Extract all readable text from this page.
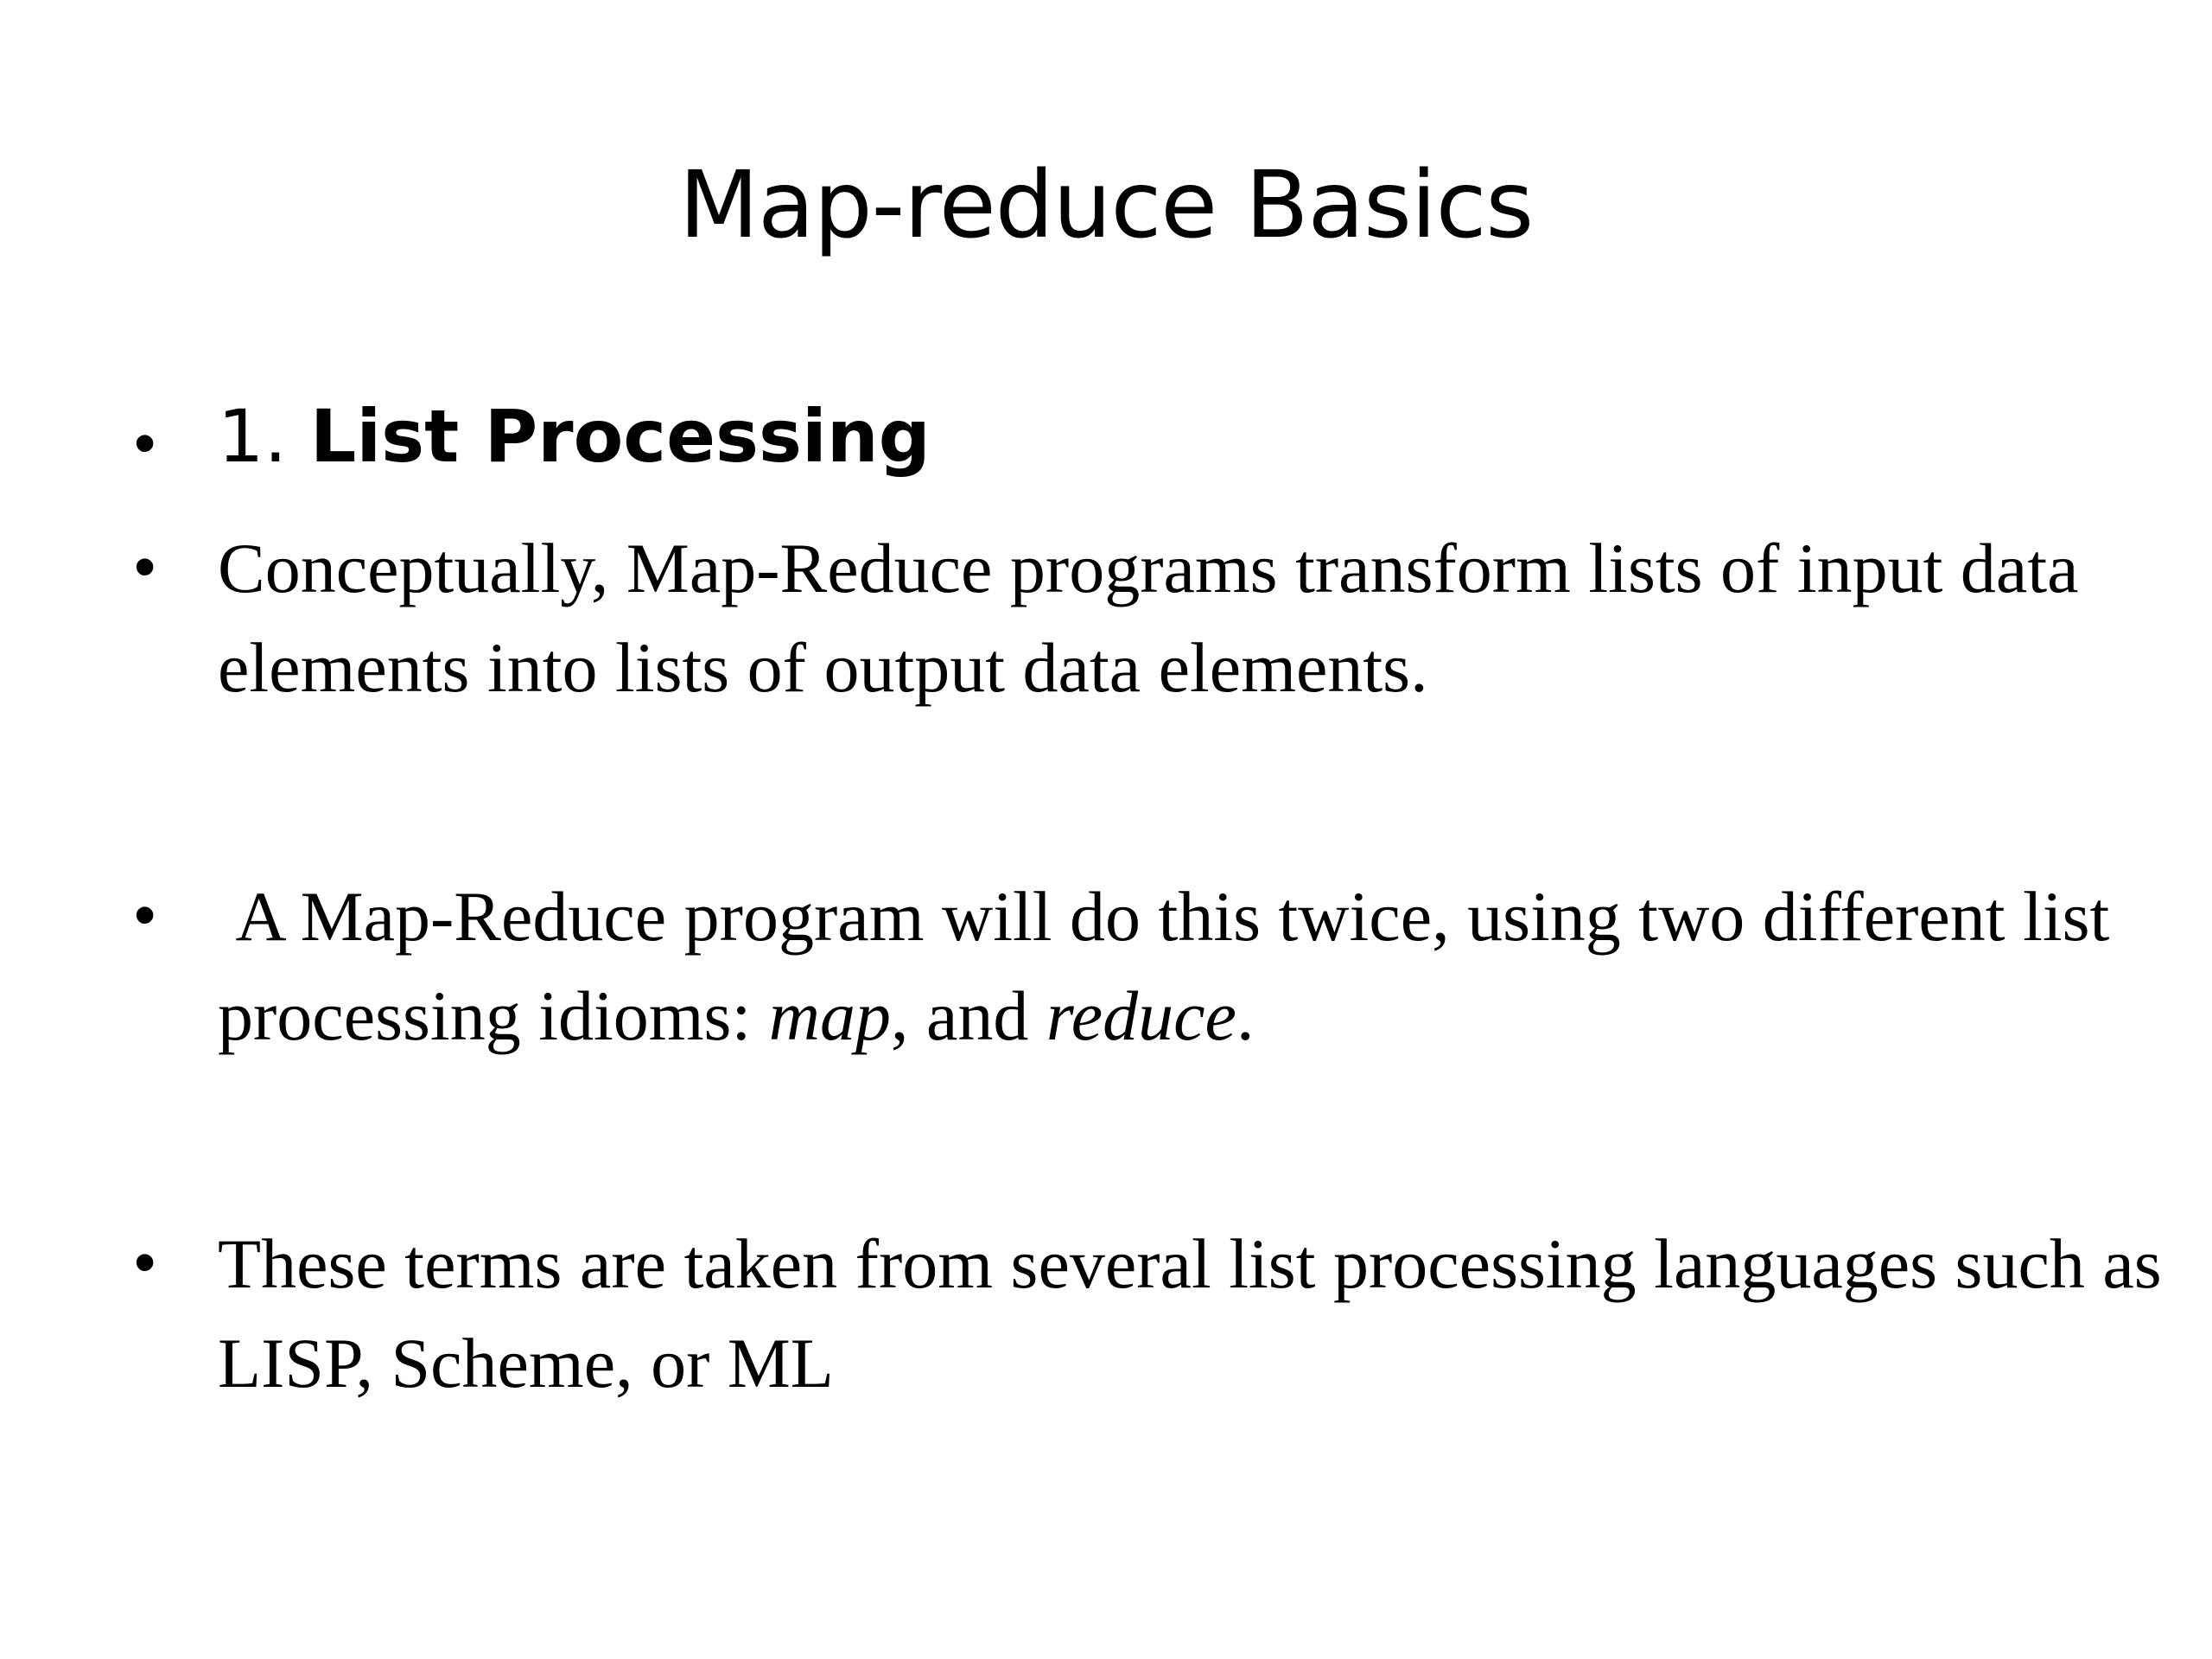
Map-reduce Basics
• 1. List Processing

• Conceptually, Map-Reduce programs transform lists of input data elements into lists of output data elements.

• A Map-Reduce program will do this twice, using two different list processing idioms: map, and reduce.

• These terms are taken from several list processing languages such as LISP, Scheme, or ML
